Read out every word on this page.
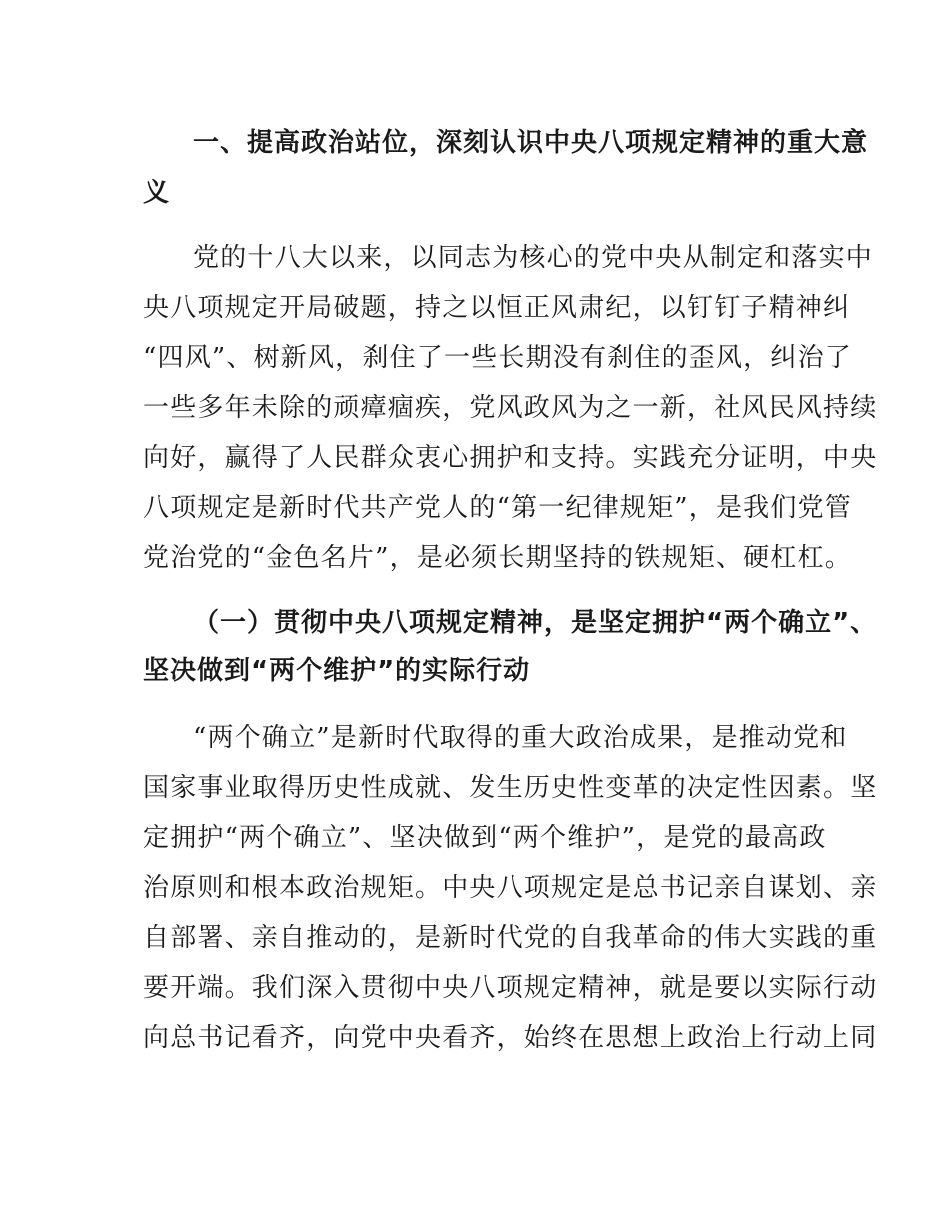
一、提高政治站位，深刻认识中央八项规定精神的重大意
义
党的十八大以来，以同志为核心的党中央从制定和落实中
央八项规定开局破题，持之以恒正风肃纪，以钉钉子精神纠
“四风”、树新风，刹住了一些长期没有刹住的歪风，纠治了
一些多年未除的顽瘴痼疾，党风政风为之一新，社风民风持续
向好，赢得了人民群众衷心拥护和支持。实践充分证明，中央
八项规定是新时代共产党人的“第一纪律规矩”，是我们党管
党治党的“金色名片”，是必须长期坚持的铁规矩、硬杠杠。
（一）贯彻中央八项规定精神，是坚定拥护“两个确立”、
坚决做到“两个维护”的实际行动
“两个确立”是新时代取得的重大政治成果，是推动党和
国家事业取得历史性成就、发生历史性变革的决定性因素。坚
定拥护“两个确立”、坚决做到“两个维护”，是党的最高政
治原则和根本政治规矩。中央八项规定是总书记亲自谋划、亲
自部署、亲自推动的，是新时代党的自我革命的伟大实践的重
要开端。我们深入贯彻中央八项规定精神，就是要以实际行动
向总书记看齐，向党中央看齐，始终在思想上政治上行动上同
